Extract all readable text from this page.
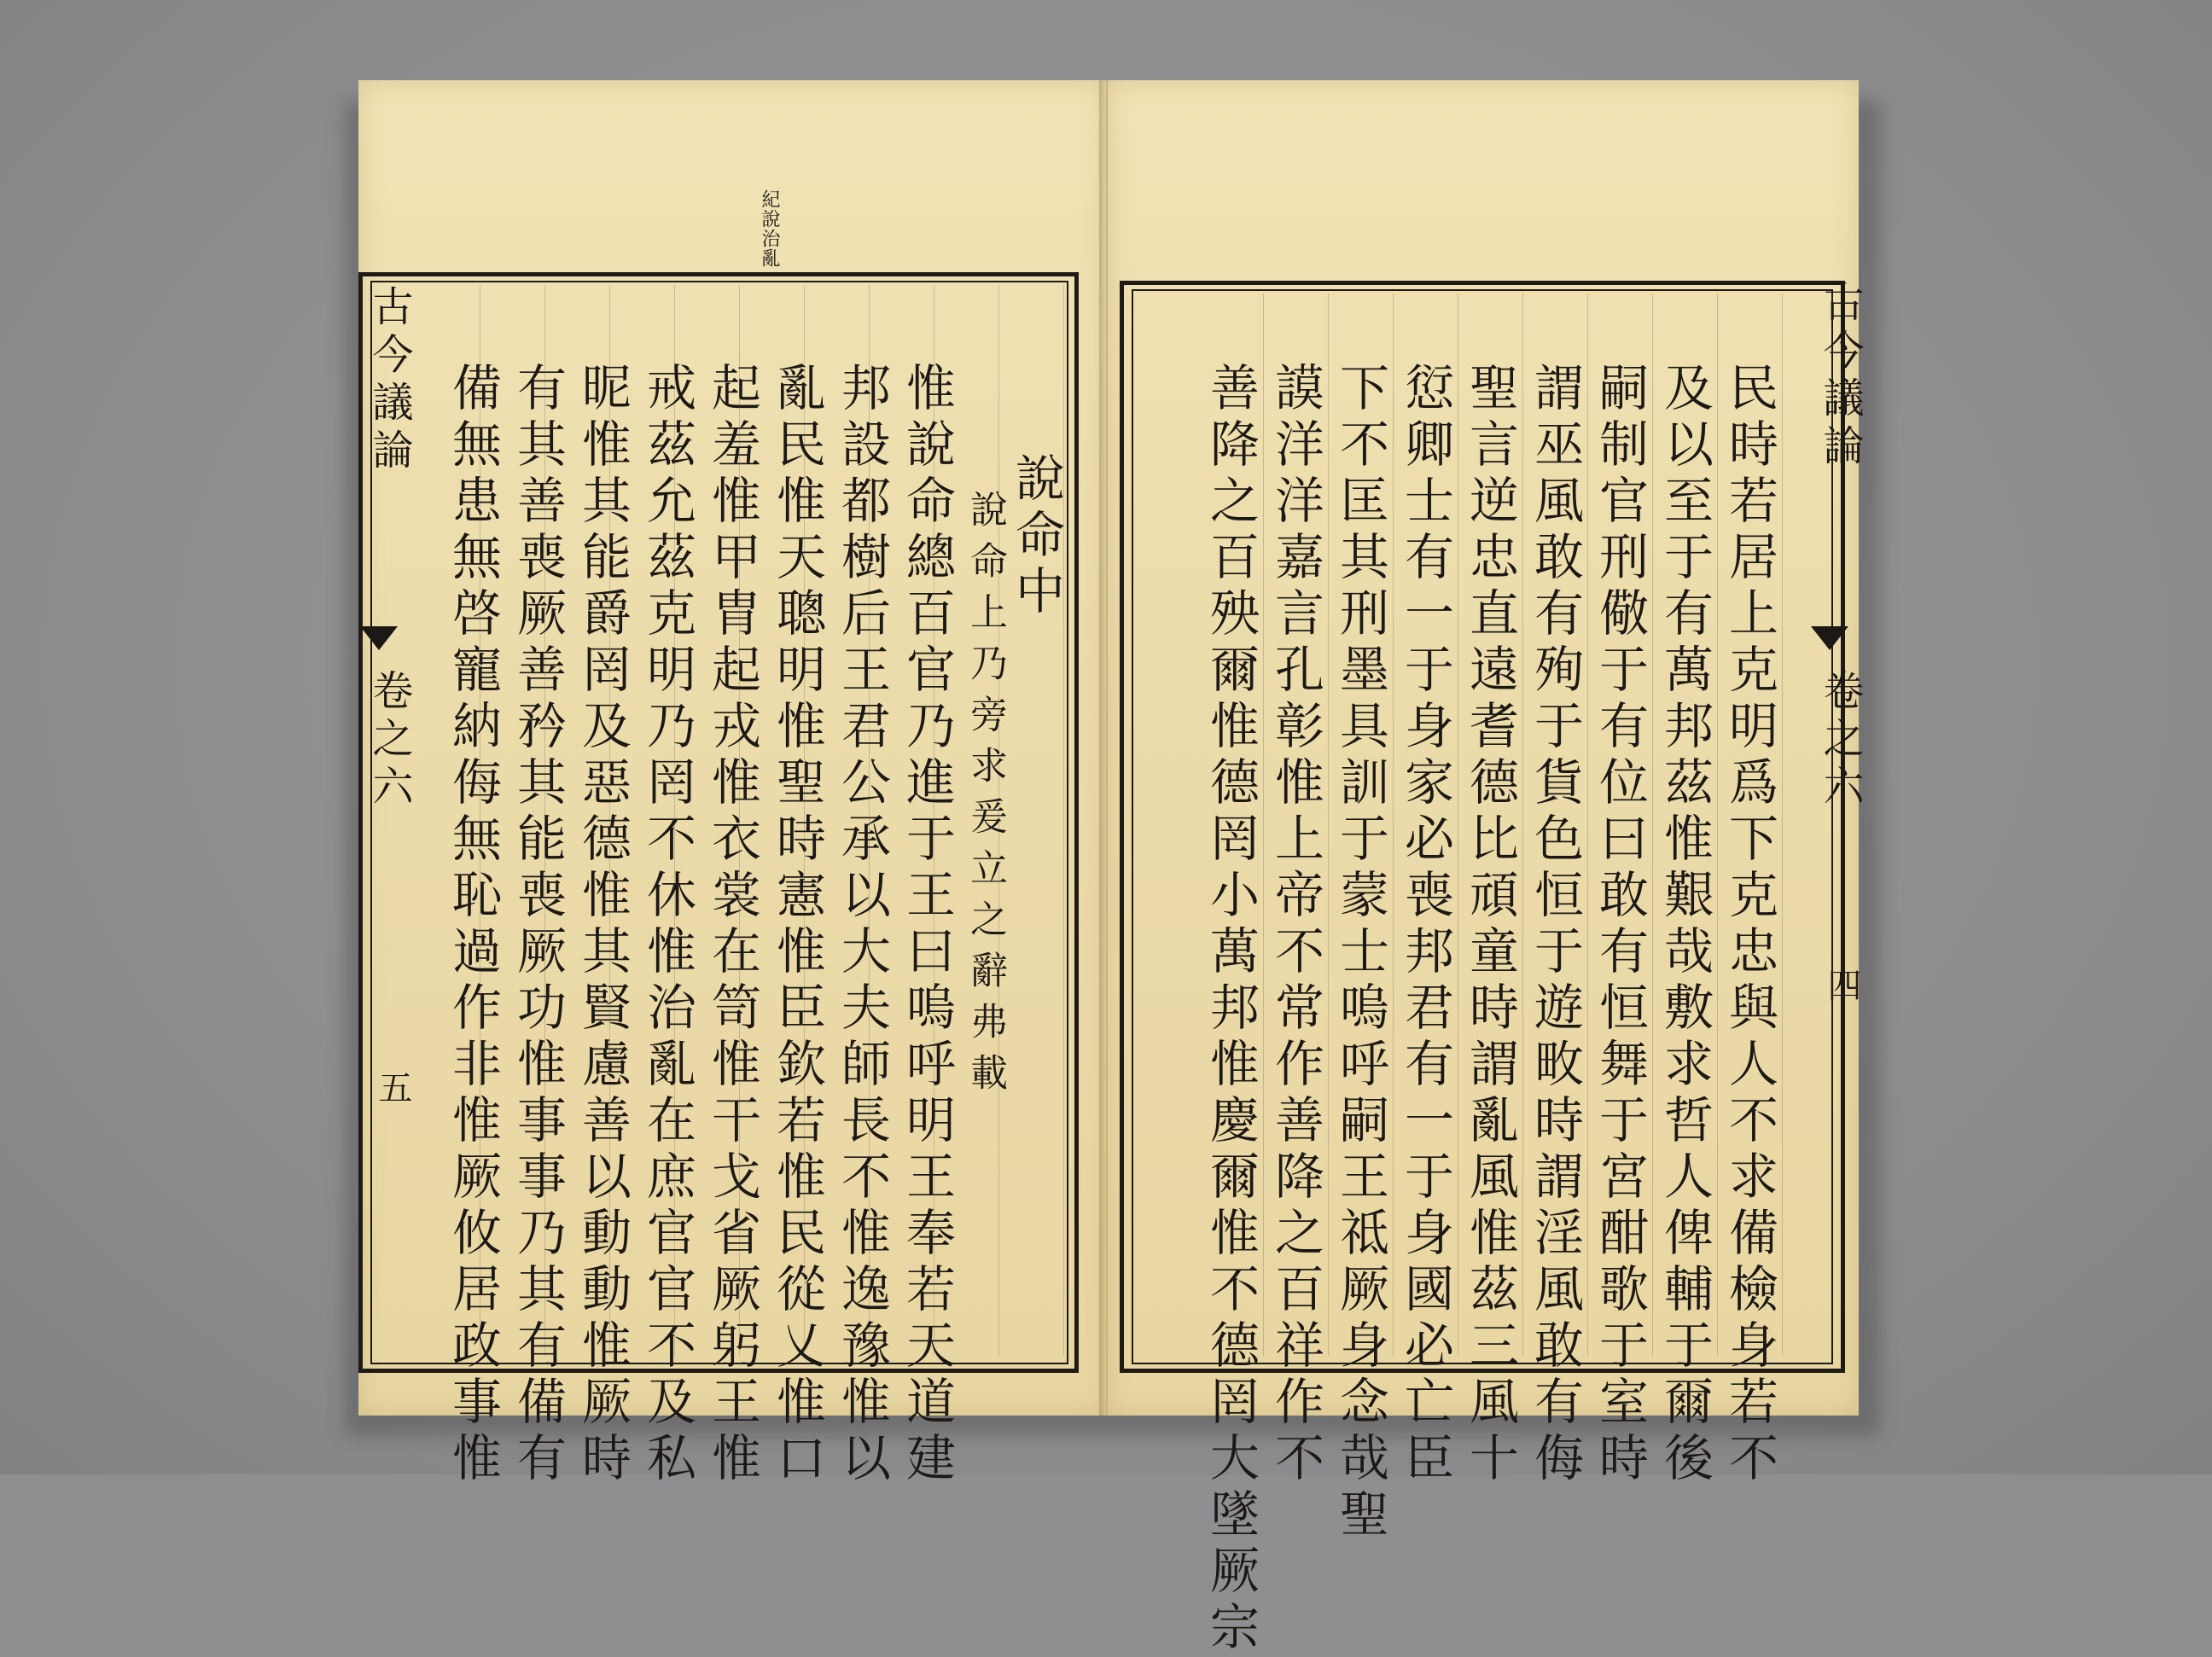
紀說治亂
古今議論
卷之六
五
說命中
說命上乃旁求爰立之辭弗載
惟說命總百官乃進于王曰嗚呼明王奉若天道建
邦設都樹后王君公承以大夫師長不惟逸豫惟以
亂民惟天聰明惟聖時憲惟臣欽若惟民從乂惟口
起羞惟甲胄起戎惟衣裳在笥惟干戈省厥躬王惟
戒茲允茲克明乃罔不休惟治亂在庶官官不及私
昵惟其能爵罔及惡德惟其賢慮善以動動惟厥時
有其善喪厥善矜其能喪厥功惟事事乃其有備有
備無患無啓寵納侮無恥過作非惟厥攸居政事惟	古今議論
卷之六
四
民時若居上克明爲下克忠與人不求備檢身若不
及以至于有萬邦茲惟艱哉敷求哲人俾輔于爾後
嗣制官刑儆于有位曰敢有恒舞于宮酣歌于室時
謂巫風敢有殉于貨色恒于遊畋時謂淫風敢有侮
聖言逆忠直遠耆德比頑童時謂亂風惟茲三風十
愆卿士有一于身家必喪邦君有一于身國必亡臣
下不匡其刑墨具訓于蒙士嗚呼嗣王祗厥身念哉聖
謨洋洋嘉言孔彰惟上帝不常作善降之百祥作不
善降之百殃爾惟德罔小萬邦惟慶爾惟不德罔大墜厥宗
